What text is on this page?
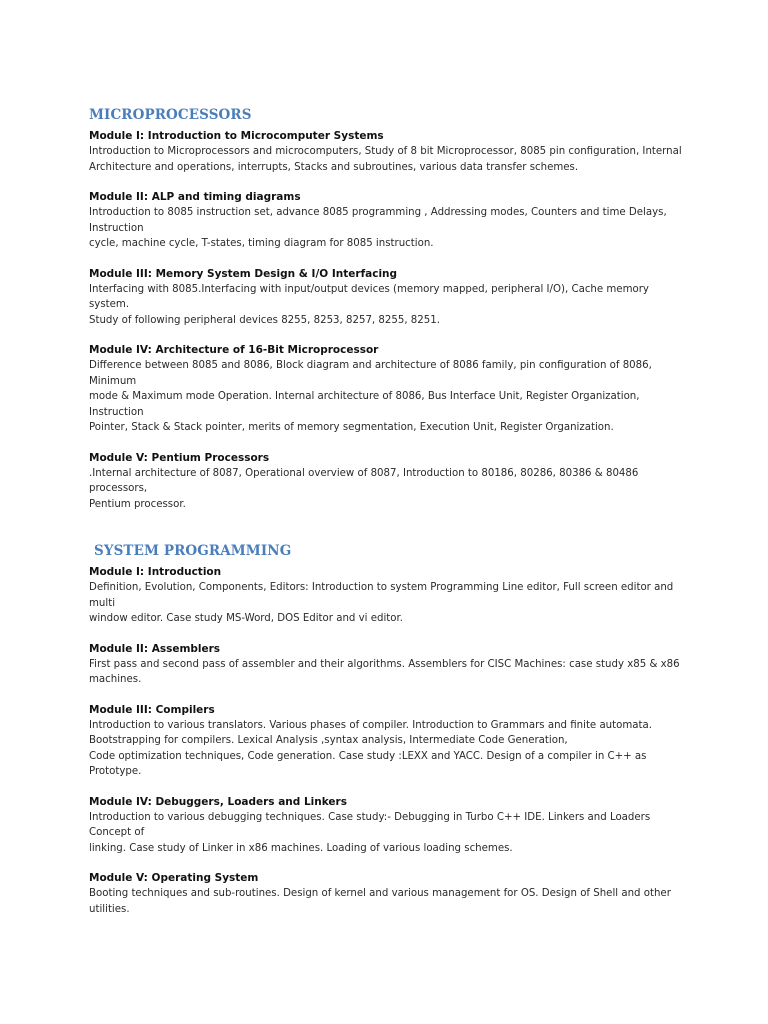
MICROPROCESSORS
Module I: Introduction to Microcomputer Systems
Introduction to Microprocessors and microcomputers, Study of 8 bit Microprocessor, 8085 pin configuration, Internal
Architecture and operations, interrupts, Stacks and subroutines, various data transfer schemes.
Module II: ALP and timing diagrams
Introduction to 8085 instruction set, advance 8085 programming , Addressing modes, Counters and time Delays, Instruction
cycle, machine cycle, T-states, timing diagram for 8085 instruction.
Module III: Memory System Design & I/O Interfacing
Interfacing with 8085.Interfacing with input/output devices (memory mapped, peripheral I/O), Cache memory system.
Study of following peripheral devices 8255, 8253, 8257, 8255, 8251.
Module IV: Architecture of 16-Bit Microprocessor
Difference between 8085 and 8086, Block diagram and architecture of 8086 family, pin configuration of 8086, Minimum
mode & Maximum mode Operation. Internal architecture of 8086, Bus Interface Unit, Register Organization, Instruction
Pointer, Stack & Stack pointer, merits of memory segmentation, Execution Unit, Register Organization.
Module V: Pentium Processors
.Internal architecture of 8087, Operational overview of 8087, Introduction to 80186, 80286, 80386 & 80486 processors,
Pentium processor.
SYSTEM PROGRAMMING
Module I: Introduction
Definition, Evolution, Components, Editors: Introduction to system Programming Line editor, Full screen editor and multi
window editor. Case study MS-Word, DOS Editor and vi editor.
Module II: Assemblers
First pass and second pass of assembler and their algorithms. Assemblers for CISC Machines: case study x85 & x86
machines.
Module III: Compilers
Introduction to various translators. Various phases of compiler. Introduction to Grammars and finite automata.
Bootstrapping for compilers. Lexical Analysis ,syntax analysis, Intermediate Code Generation,
Code optimization techniques, Code generation. Case study :LEXX and YACC. Design of a compiler in C++ as Prototype.
Module IV: Debuggers, Loaders and Linkers
Introduction to various debugging techniques. Case study:- Debugging in Turbo C++ IDE. Linkers and Loaders Concept of
linking. Case study of Linker in x86 machines. Loading of various loading schemes.
Module V: Operating System
Booting techniques and sub-routines. Design of kernel and various management for OS. Design of Shell and other utilities.
